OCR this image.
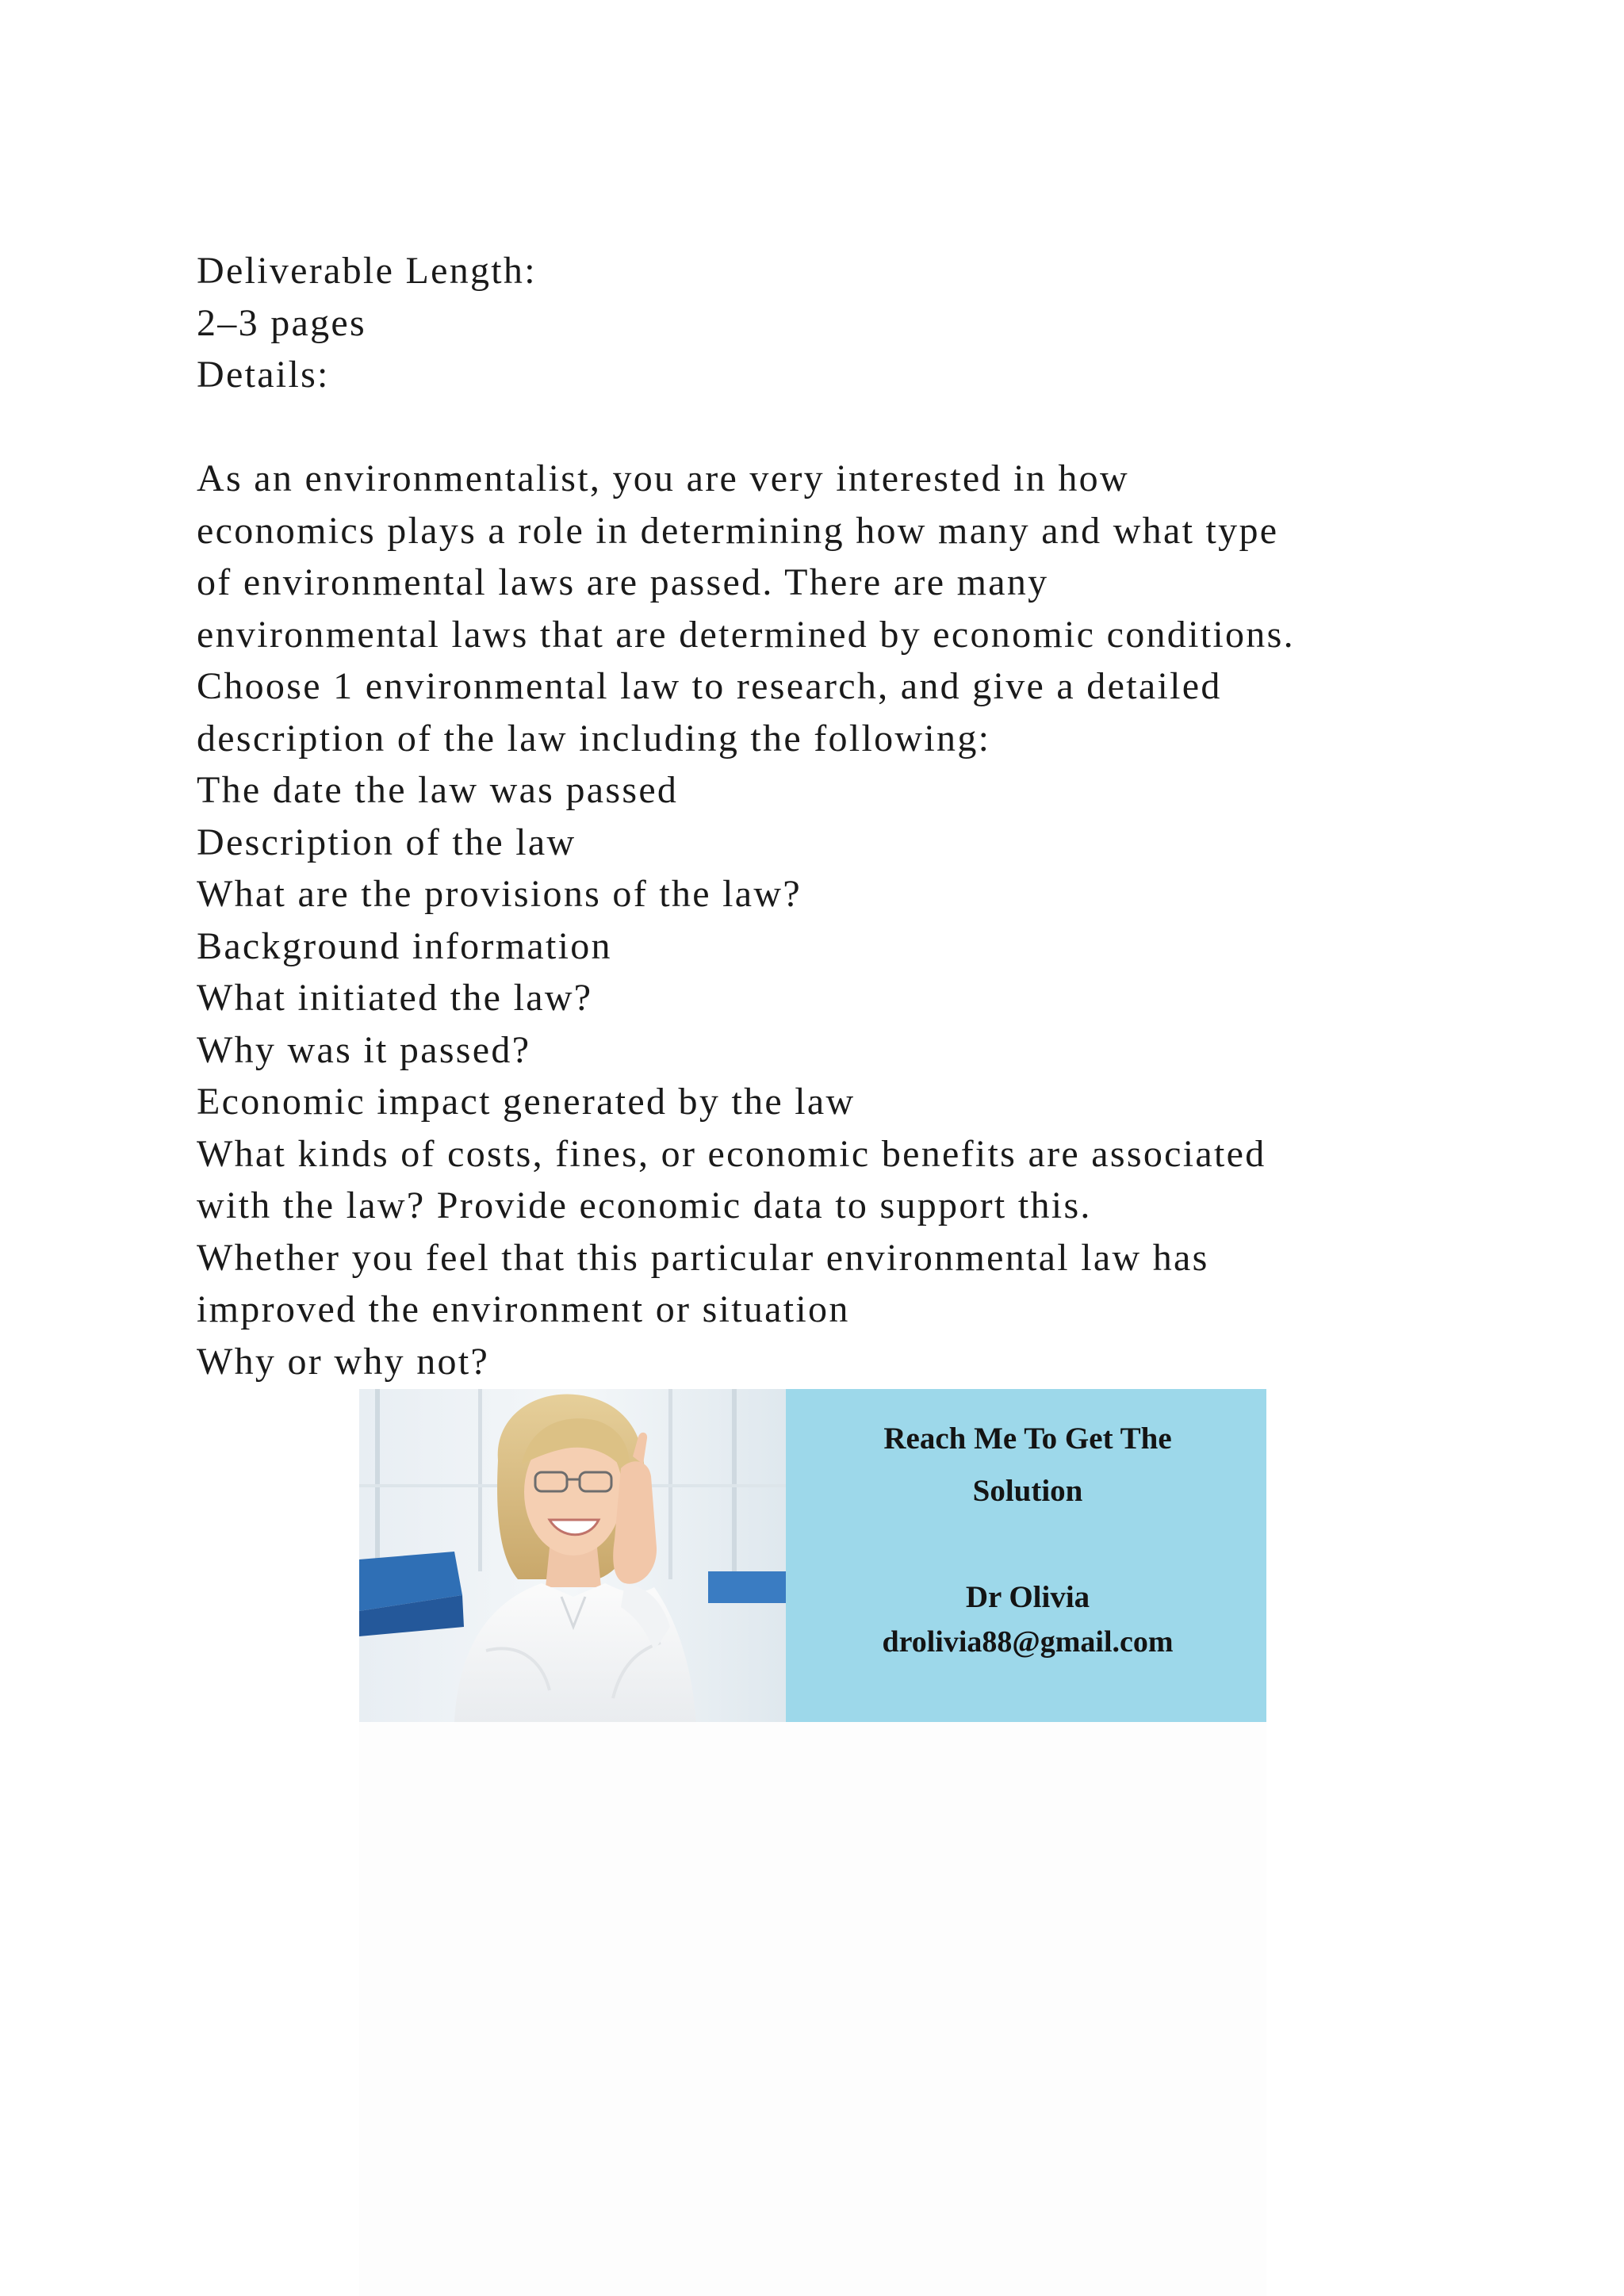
Deliverable Length:
2–3 pages
Details:
As an environmentalist, you are very interested in how
economics plays a role in determining how many and what type
of environmental laws are passed. There are many
environmental laws that are determined by economic conditions.
Choose 1 environmental law to research, and give a detailed
description of the law including the following:
The date the law was passed
Description of the law
What are the provisions of the law?
Background information
What initiated the law?
Why was it passed?
Economic impact generated by the law
What kinds of costs, fines, or economic benefits are associated
with the law? Provide economic data to support this.
Whether you feel that this particular environmental law has
improved the environment or situation
Why or why not?
Reach Me To Get The
Solution
Dr Olivia
drolivia88@gmail.com
